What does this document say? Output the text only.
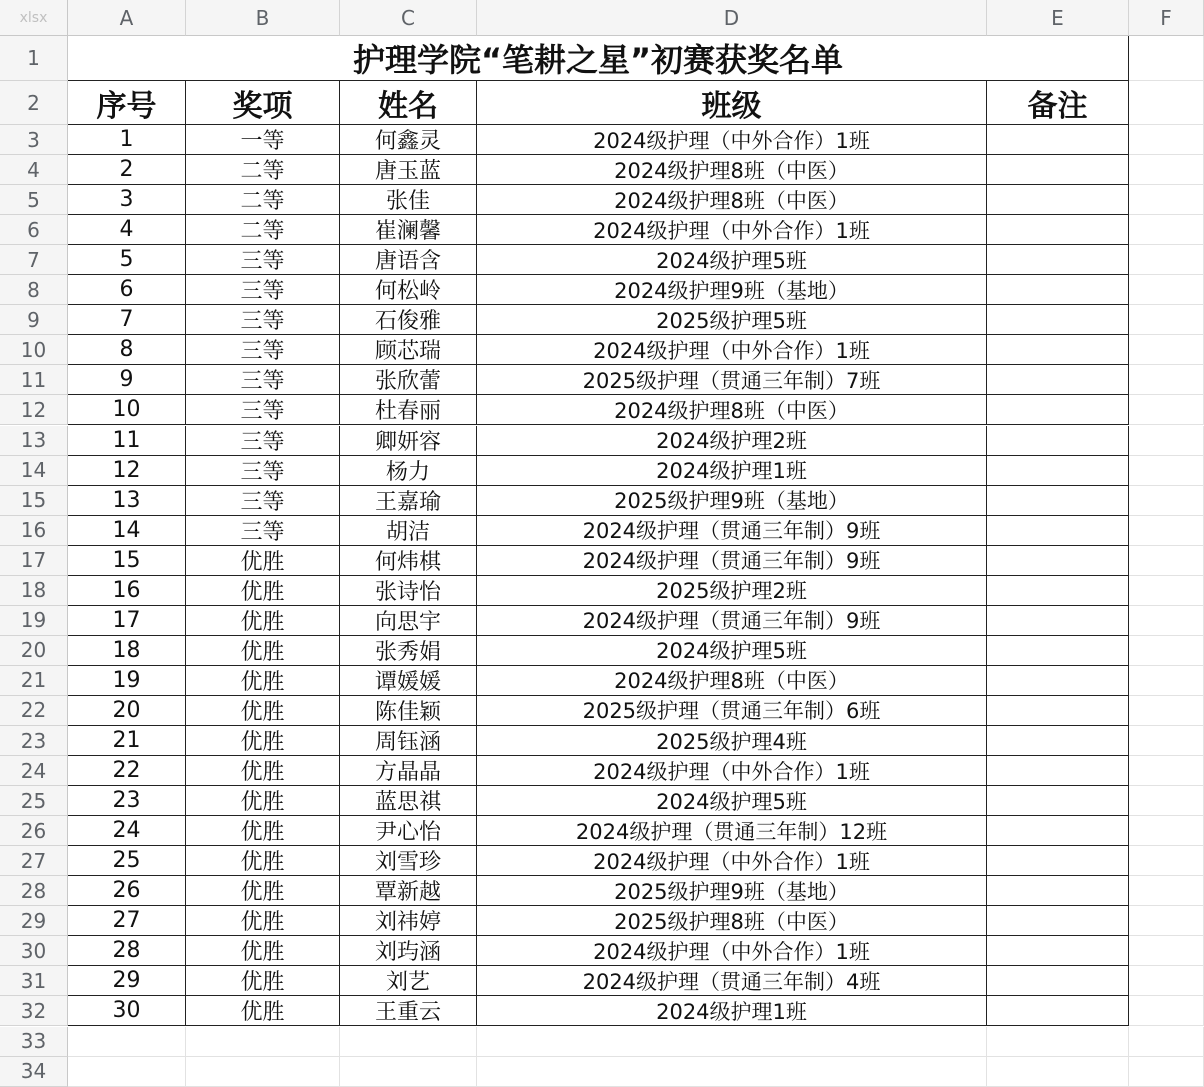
xlsx	A	B	C	D	E	F
1
2
3
4
5
6
7
8
9
10
11
12
13
14
15
16
17
18
19
20
21
22
23
24
25
26
27
28
29
30
31
32
33
34
护理学院“笔耕之星”初赛获奖名单
序号	奖项	姓名	班级	备注
1	一等	何鑫灵	2024级护理（中外合作）1班
2	二等	唐玉蓝	2024级护理8班（中医）
3	二等	张佳	2024级护理8班（中医）
4	二等	崔澜馨	2024级护理（中外合作）1班
5	三等	唐语含	2024级护理5班
6	三等	何松岭	2024级护理9班（基地）
7	三等	石俊雅	2025级护理5班
8	三等	顾芯瑞	2024级护理（中外合作）1班
9	三等	张欣蕾	2025级护理（贯通三年制）7班
10	三等	杜春丽	2024级护理8班（中医）
11	三等	卿妍容	2024级护理2班
12	三等	杨力	2024级护理1班
13	三等	王嘉瑜	2025级护理9班（基地）
14	三等	胡洁	2024级护理（贯通三年制）9班
15	优胜	何炜棋	2024级护理（贯通三年制）9班
16	优胜	张诗怡	2025级护理2班
17	优胜	向思宇	2024级护理（贯通三年制）9班
18	优胜	张秀娟	2024级护理5班
19	优胜	谭媛媛	2024级护理8班（中医）
20	优胜	陈佳颖	2025级护理（贯通三年制）6班
21	优胜	周钰涵	2025级护理4班
22	优胜	方晶晶	2024级护理（中外合作）1班
23	优胜	蓝思祺	2024级护理5班
24	优胜	尹心怡	2024级护理（贯通三年制）12班
25	优胜	刘雪珍	2024级护理（中外合作）1班
26	优胜	覃新越	2025级护理9班（基地）
27	优胜	刘祎婷	2025级护理8班（中医）
28	优胜	刘玙涵	2024级护理（中外合作）1班
29	优胜	刘艺	2024级护理（贯通三年制）4班
30	优胜	王重云	2024级护理1班
